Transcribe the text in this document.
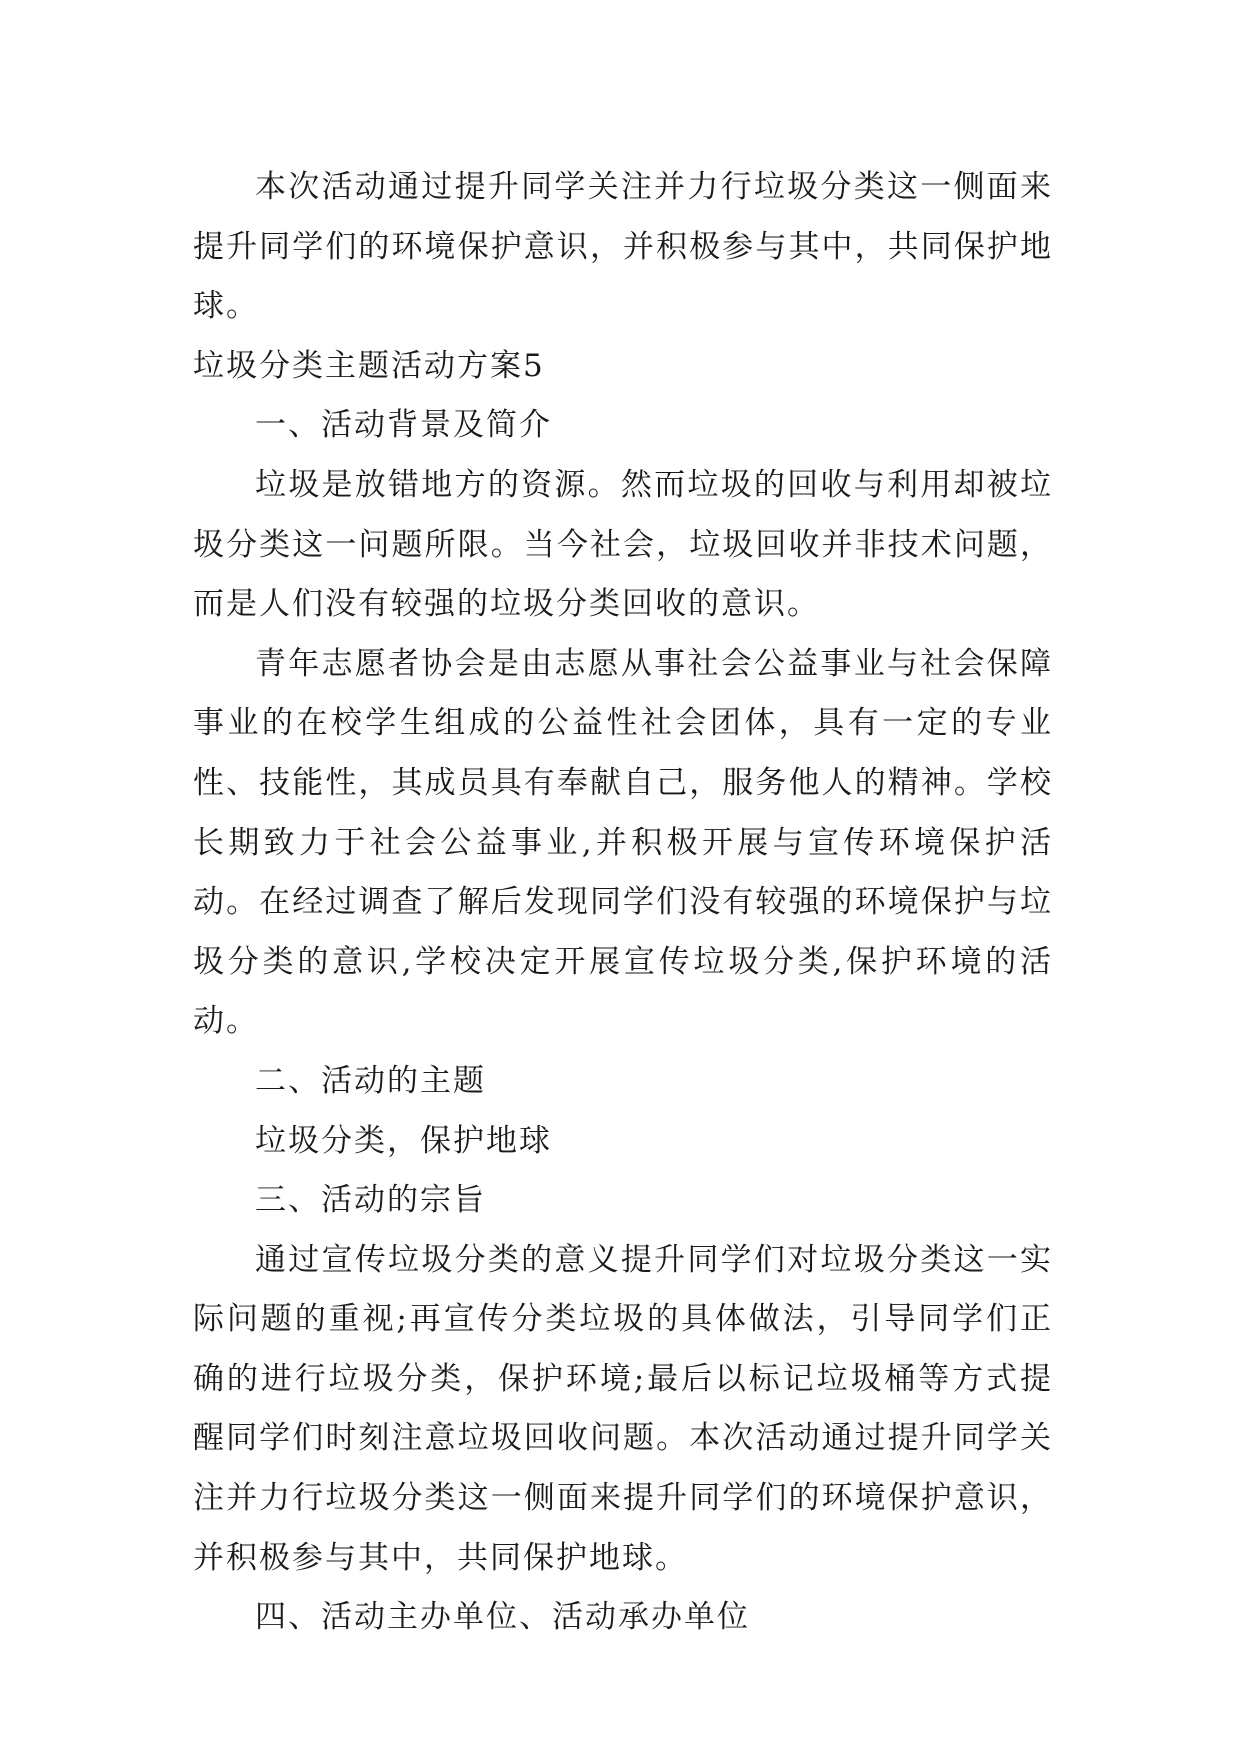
本次活动通过提升同学关注并力行垃圾分类这一侧面来提升同学们的环境保护意识，并积极参与其中，共同保护地球。

垃圾分类主题活动方案5

一、活动背景及简介

垃圾是放错地方的资源。然而垃圾的回收与利用却被垃圾分类这一问题所限。当今社会，垃圾回收并非技术问题，而是人们没有较强的垃圾分类回收的意识。

青年志愿者协会是由志愿从事社会公益事业与社会保障事业的在校学生组成的公益性社会团体，具有一定的专业性、技能性，其成员具有奉献自己，服务他人的精神。学校长期致力于社会公益事业,并积极开展与宣传环境保护活动。在经过调查了解后发现同学们没有较强的环境保护与垃圾分类的意识,学校决定开展宣传垃圾分类,保护环境的活动。

二、活动的主题

垃圾分类，保护地球

三、活动的宗旨

通过宣传垃圾分类的意义提升同学们对垃圾分类这一实际问题的重视;再宣传分类垃圾的具体做法，引导同学们正确的进行垃圾分类，保护环境;最后以标记垃圾桶等方式提醒同学们时刻注意垃圾回收问题。本次活动通过提升同学关注并力行垃圾分类这一侧面来提升同学们的环境保护意识，并积极参与其中，共同保护地球。

四、活动主办单位、活动承办单位
